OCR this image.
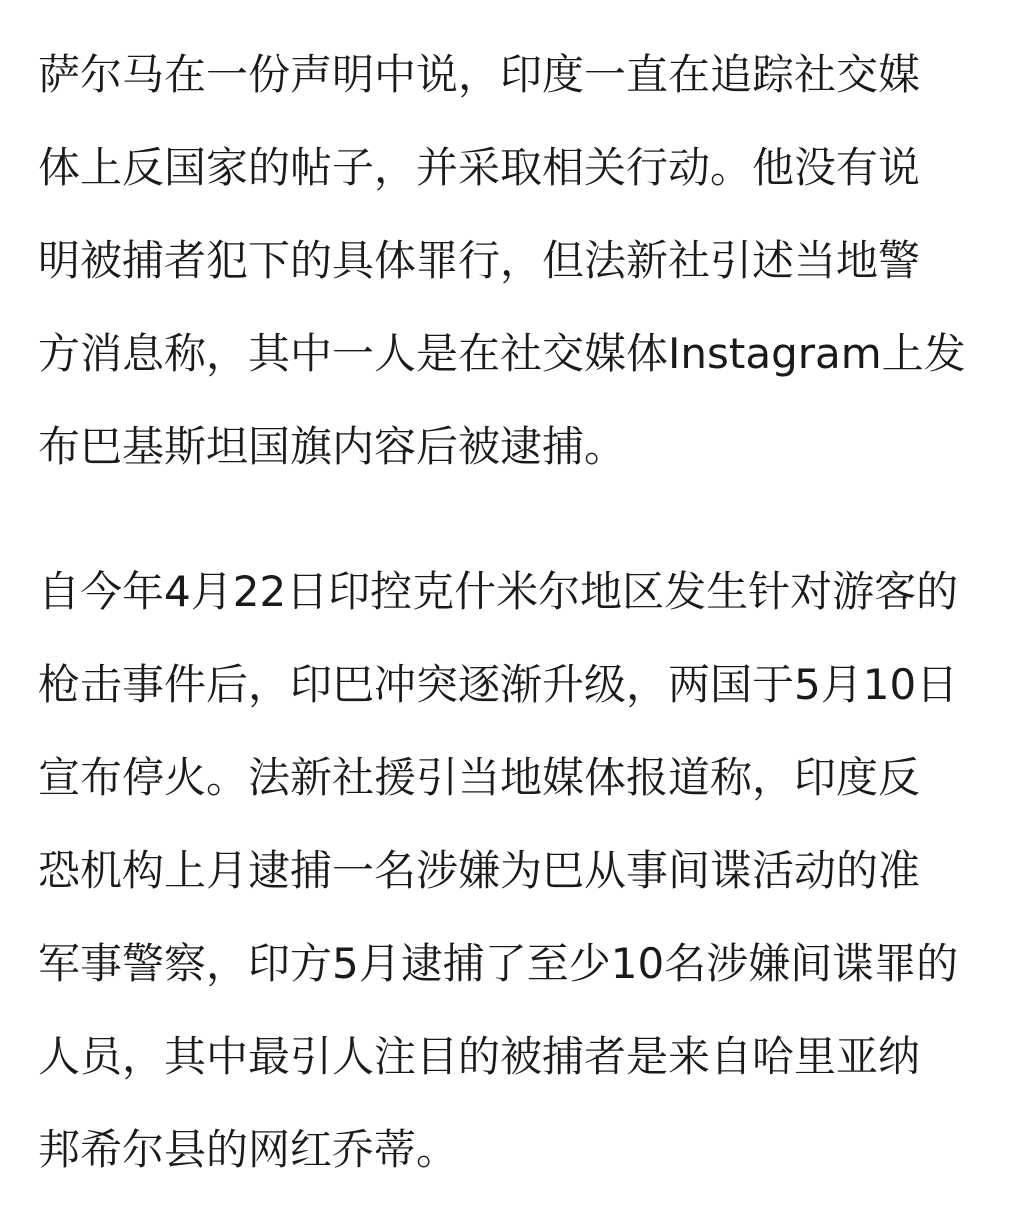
萨尔马在一份声明中说，印度一直在追踪社交媒
体上反国家的帖子，并采取相关行动。他没有说
明被捕者犯下的具体罪行，但法新社引述当地警
方消息称，其中一人是在社交媒体Instagram上发
布巴基斯坦国旗内容后被逮捕。

自今年4月22日印控克什米尔地区发生针对游客的
枪击事件后，印巴冲突逐渐升级，两国于5月10日
宣布停火。法新社援引当地媒体报道称，印度反
恐机构上月逮捕一名涉嫌为巴从事间谍活动的准
军事警察，印方5月逮捕了至少10名涉嫌间谍罪的
人员，其中最引人注目的被捕者是来自哈里亚纳
邦希尔县的网红乔蒂。
